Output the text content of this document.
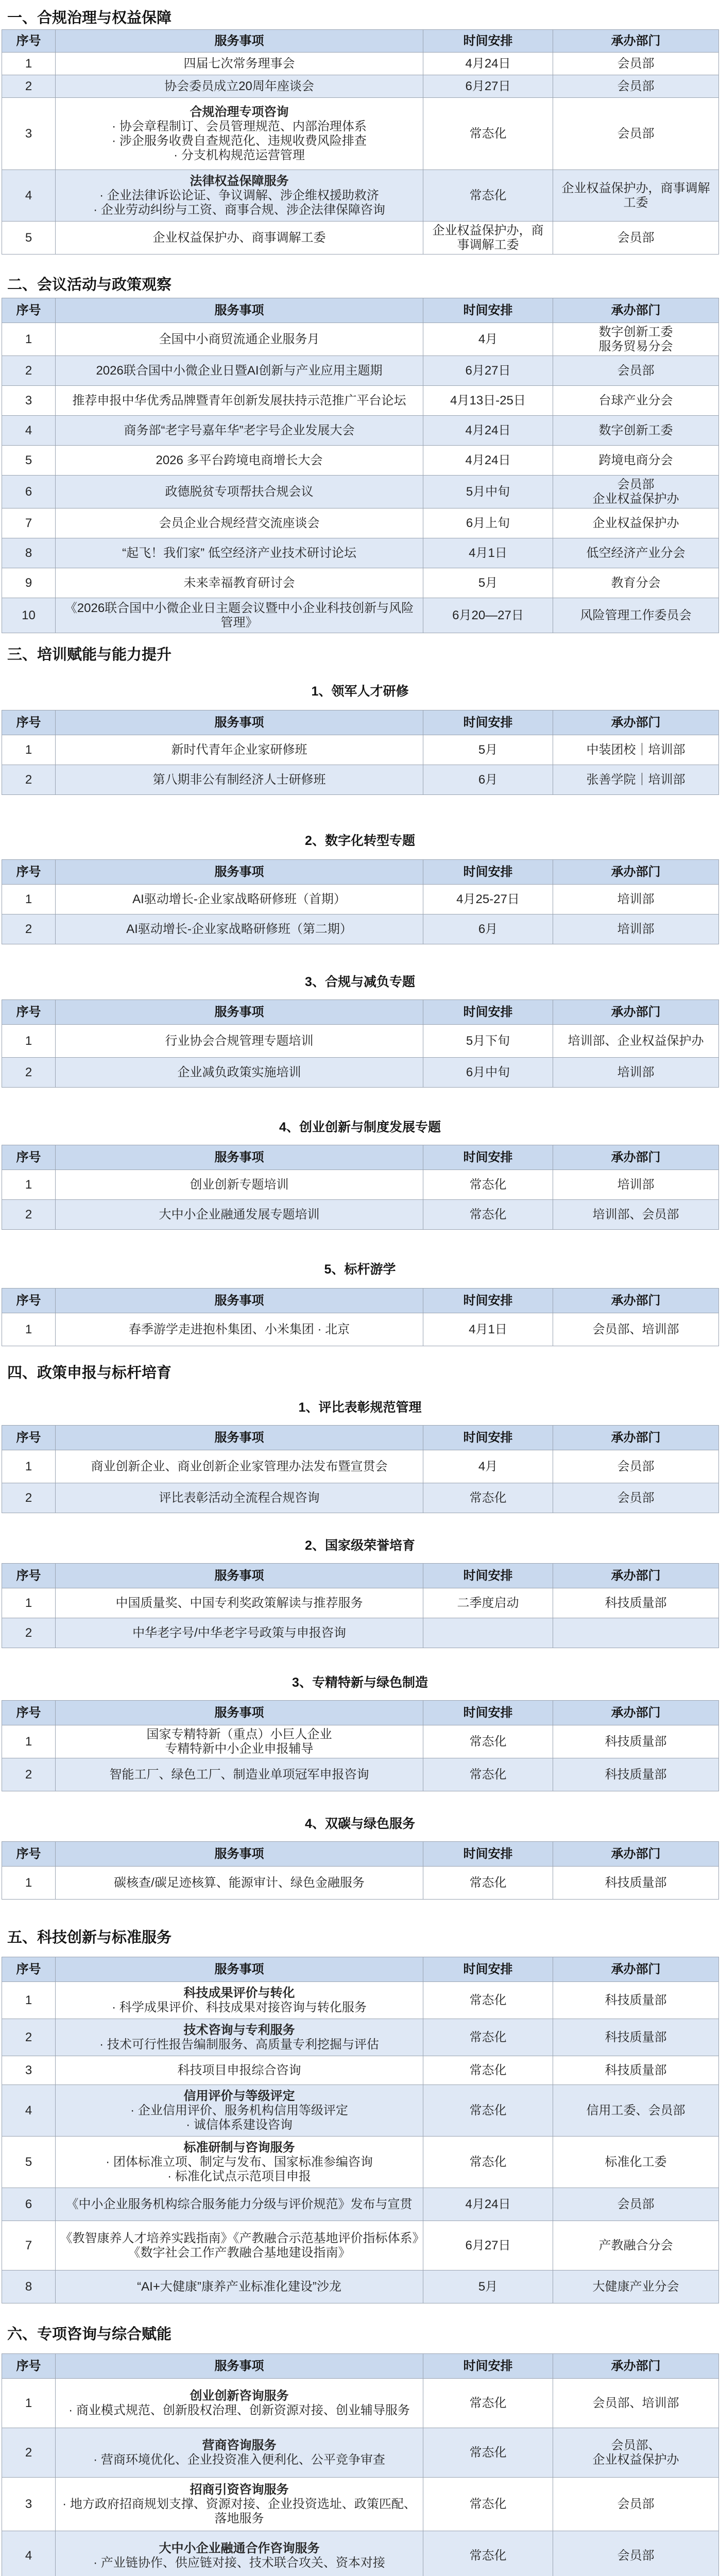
一、合规治理与权益保障
序号	服务事项	时间安排	承办部门
1	四届七次常务理事会	4月24日	会员部

2	协会委员成立20周年座谈会	6月27日	会员部

3	合规治理专项咨询
· 协会章程制订、会员管理规范、内部治理体系
· 涉企服务收费自查规范化、违规收费风险排查
· 分支机构规范运营管理	常态化	会员部

4	法律权益保障服务
· 企业法律诉讼论证、争议调解、涉企维权援助救济
· 企业劳动纠纷与工资、商事合规、涉企法律保障咨询	常态化	企业权益保护办，商事调解工委

5	企业权益保护办、商事调解工委	企业权益保护办，商事调解工委	会员部
二、会议活动与政策观察
序号	服务事项	时间安排	承办部门
1	全国中小商贸流通企业服务月	4月	数字创新工委
服务贸易分会

2	2026联合国中小微企业日暨AI创新与产业应用主题期	6月27日	会员部

3	推荐申报中华优秀品牌暨青年创新发展扶持示范推广平台论坛	4月13日-25日	台球产业分会

4	商务部“老字号嘉年华”老字号企业发展大会	4月24日	数字创新工委

5	2026 多平台跨境电商增长大会	4月24日	跨境电商分会

6	政德脱贫专项帮扶合规会议	5月中旬	会员部
企业权益保护办

7	会员企业合规经营交流座谈会	6月上旬	企业权益保护办

8	“起飞！我们家” 低空经济产业技术研讨论坛	4月1日	低空经济产业分会

9	未来幸福教育研讨会	5月	教育分会

10	《2026联合国中小微企业日主题会议暨中小企业科技创新与风险管理》	6月20—27日	风险管理工作委员会
三、培训赋能与能力提升
1、领军人才研修
序号	服务事项	时间安排	承办部门
1	新时代青年企业家研修班	5月	中装团校｜培训部

2	第八期非公有制经济人士研修班	6月	张善学院｜培训部
2、数字化转型专题
序号	服务事项	时间安排	承办部门
1	AI驱动增长-企业家战略研修班（首期）	4月25-27日	培训部

2	AI驱动增长-企业家战略研修班（第二期）	6月	培训部
3、合规与减负专题
序号	服务事项	时间安排	承办部门
1	行业协会合规管理专题培训	5月下旬	培训部、企业权益保护办

2	企业减负政策实施培训	6月中旬	培训部
4、创业创新与制度发展专题
序号	服务事项	时间安排	承办部门
1	创业创新专题培训	常态化	培训部

2	大中小企业融通发展专题培训	常态化	培训部、会员部
5、标杆游学
序号	服务事项	时间安排	承办部门
1	春季游学走进抱朴集团、小米集团 · 北京	4月1日	会员部、培训部
四、政策申报与标杆培育
1、评比表彰规范管理
序号	服务事项	时间安排	承办部门
1	商业创新企业、商业创新企业家管理办法发布暨宣贯会	4月	会员部

2	评比表彰活动全流程合规咨询	常态化	会员部
2、国家级荣誉培育
序号	服务事项	时间安排	承办部门
1	中国质量奖、中国专利奖政策解读与推荐服务	二季度启动	科技质量部

2	中华老字号/中华老字号政策与申报咨询		

3、专精特新与绿色制造
序号	服务事项	时间安排	承办部门
1	国家专精特新（重点）小巨人企业
专精特新中小企业申报辅导	常态化	科技质量部

2	智能工厂、绿色工厂、制造业单项冠军申报咨询	常态化	科技质量部
4、双碳与绿色服务
序号	服务事项	时间安排	承办部门
1	碳核查/碳足迹核算、能源审计、绿色金融服务	常态化	科技质量部
五、科技创新与标准服务
序号	服务事项	时间安排	承办部门
1	科技成果评价与转化
· 科学成果评价、科技成果对接咨询与转化服务	常态化	科技质量部

2	技术咨询与专利服务
· 技术可行性报告编制服务、高质量专利挖掘与评估	常态化	科技质量部

3	科技项目申报综合咨询	常态化	科技质量部

4	信用评价与等级评定
· 企业信用评价、服务机构信用等级评定
· 诚信体系建设咨询	常态化	信用工委、会员部

5	标准研制与咨询服务
· 团体标准立项、制定与发布、国家标准参编咨询
· 标准化试点示范项目申报	常态化	标准化工委

6	《中小企业服务机构综合服务能力分级与评价规范》发布与宣贯	4月24日	会员部

7	《教智康养人才培养实践指南》《产教融合示范基地评价指标体系》《数字社会工作产教融合基地建设指南》	6月27日	产教融合分会

8	“AI+大健康”康养产业标准化建设”沙龙	5月	大健康产业分会
六、专项咨询与综合赋能
序号	服务事项	时间安排	承办部门
1	创业创新咨询服务
· 商业模式规范、创新股权治理、创新资源对接、创业辅导服务	常态化	会员部、培训部

2	营商咨询服务
· 营商环境优化、企业投资准入便利化、公平竞争审查	常态化	会员部、
企业权益保护办

3	招商引资咨询服务
· 地方政府招商规划支撑、资源对接、企业投资选址、政策匹配、落地服务	常态化	会员部

4	大中小企业融通合作咨询服务
· 产业链协作、供应链对接、技术联合攻关、资本对接	常态化	会员部
